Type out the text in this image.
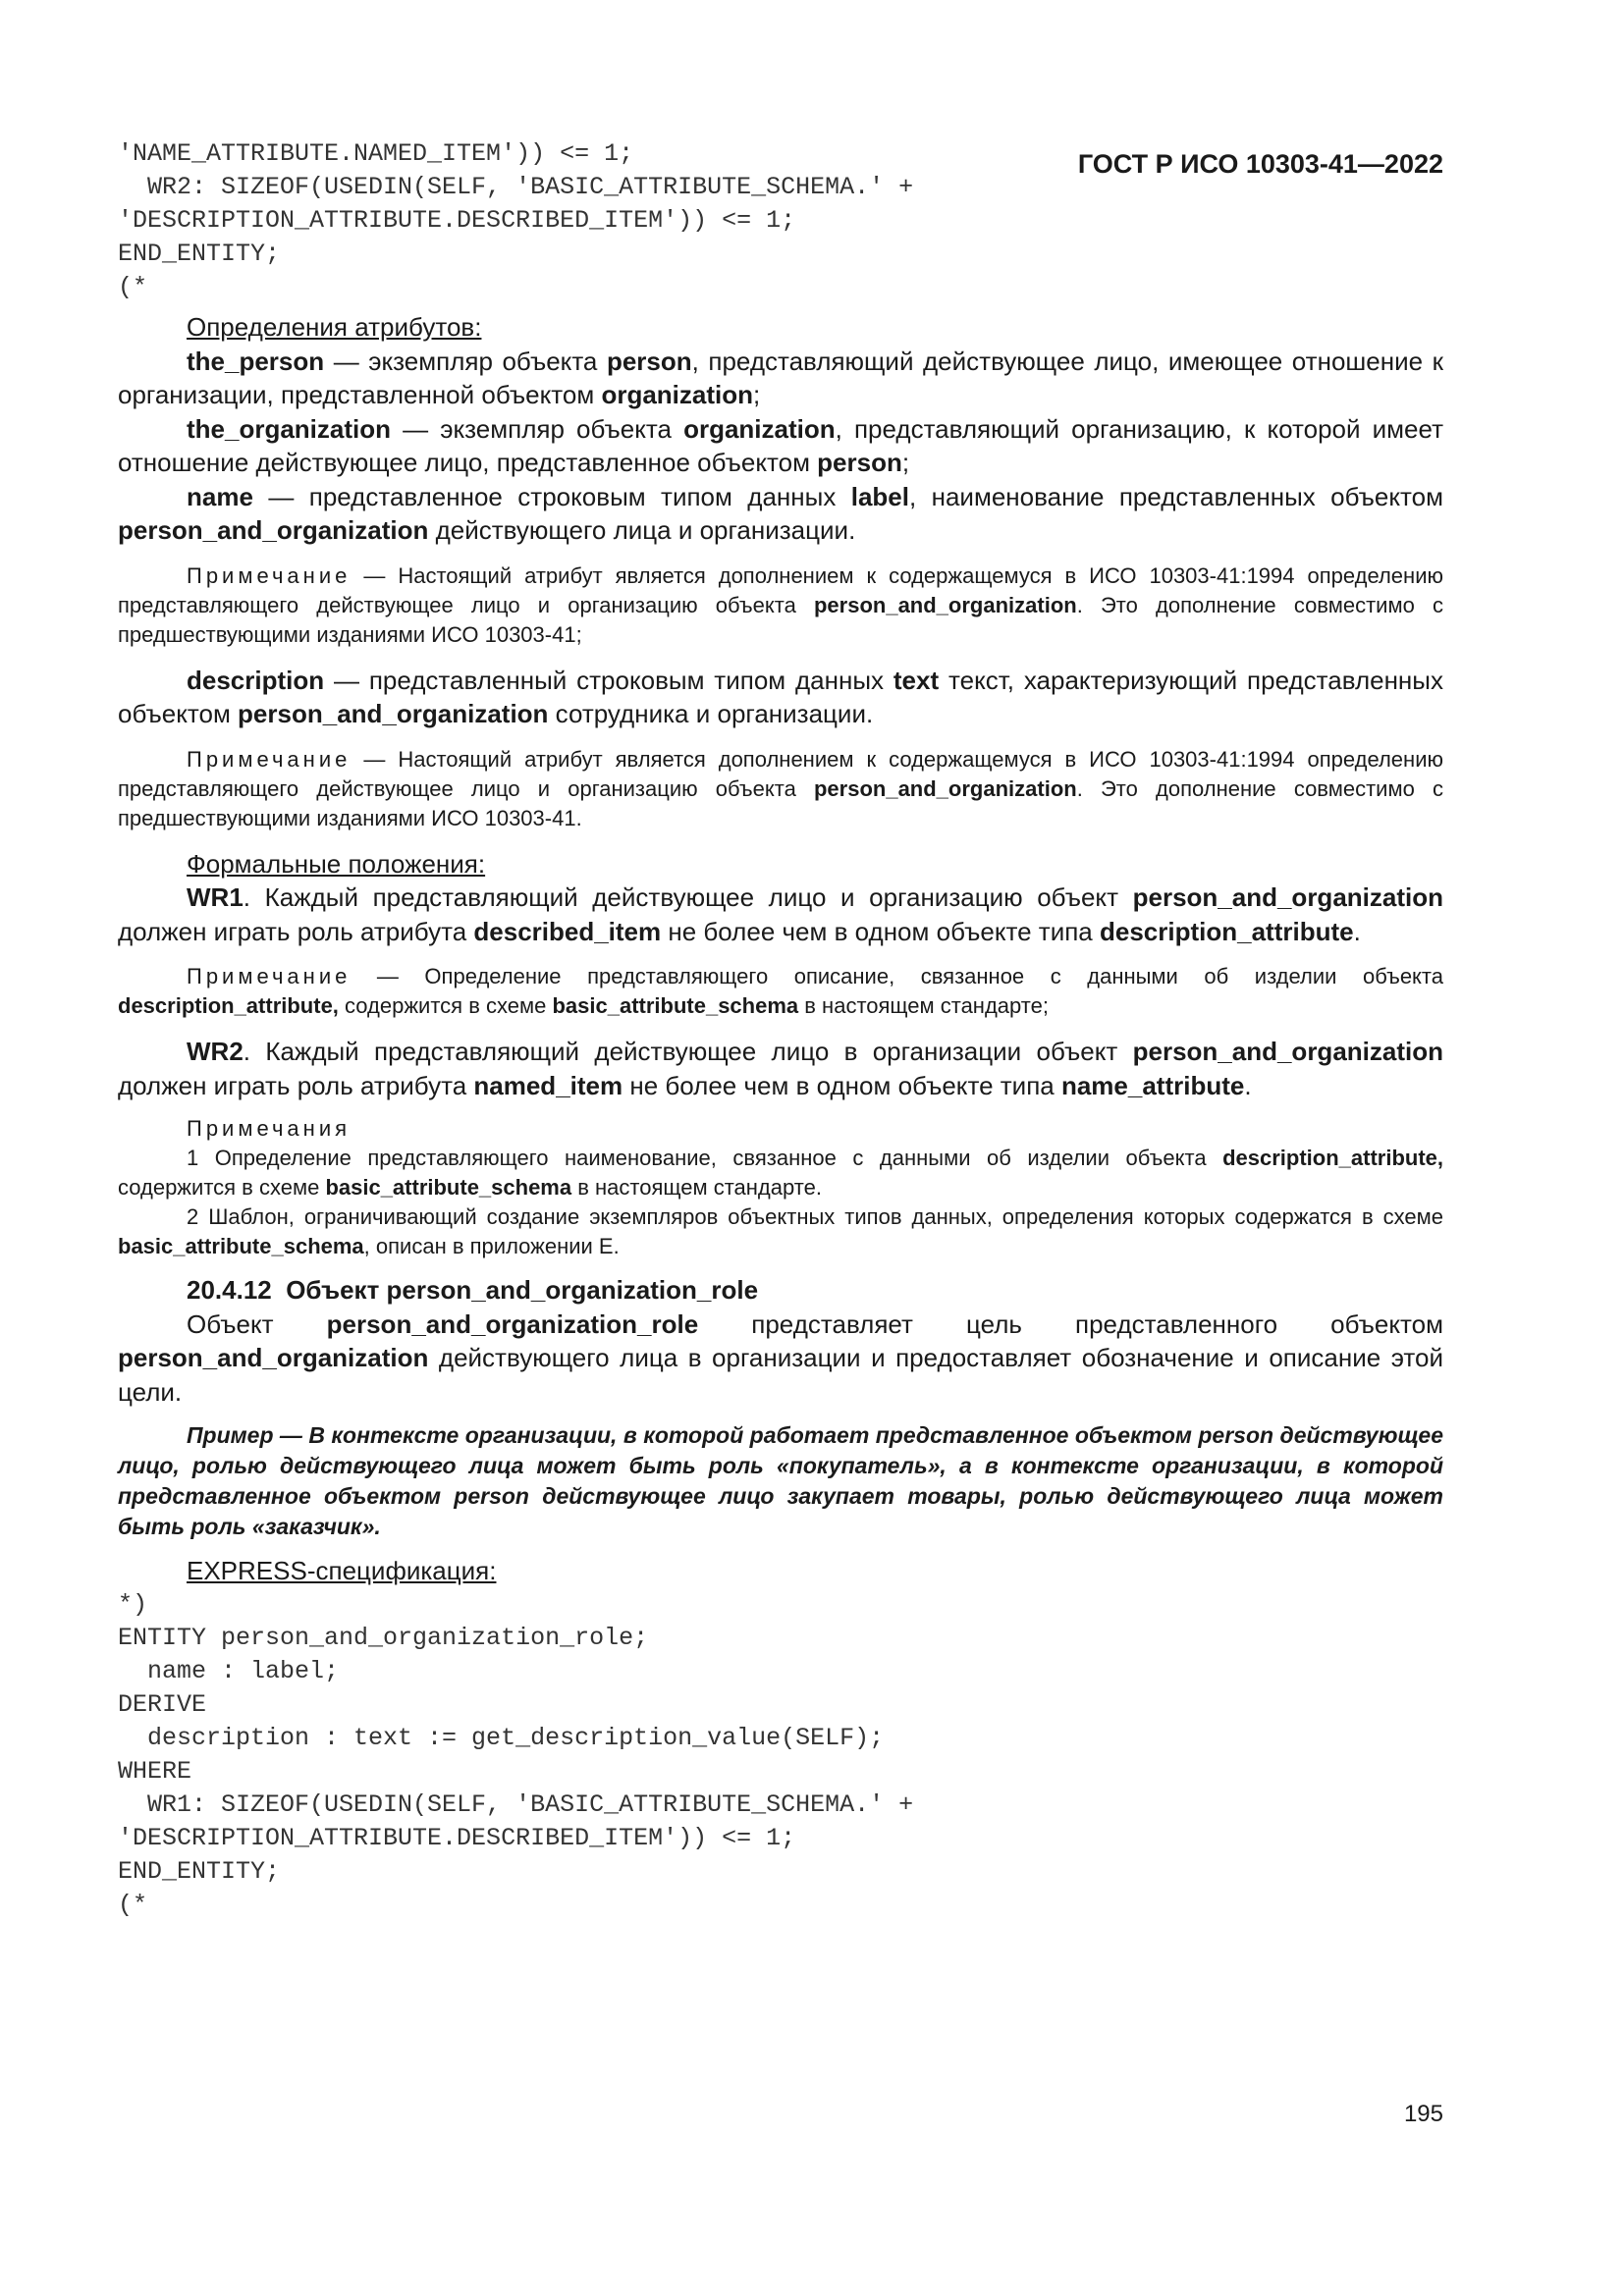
ГОСТ Р ИСО 10303-41—2022
'NAME_ATTRIBUTE.NAMED_ITEM')) <= 1;
WR2: SIZEOF(USEDIN(SELF, 'BASIC_ATTRIBUTE_SCHEMA.' +
'DESCRIPTION_ATTRIBUTE.DESCRIBED_ITEM')) <= 1;
END_ENTITY;
(*

Определения атрибутов:

the_person — экземпляр объекта person, представляющий действующее лицо, имеющее отношение к организации, представленной объектом organization;

the_organization — экземпляр объекта organization, представляющий организацию, к которой имеет отношение действующее лицо, представленное объектом person;

name — представленное строковым типом данных label, наименование представленных объектом person_and_organization действующего лица и организации.

Примечание — Настоящий атрибут является дополнением к содержащемуся в ИСО 10303-41:1994 определению представляющего действующее лицо и организацию объекта person_and_organization. Это дополнение совместимо с предшествующими изданиями ИСО 10303-41;

description — представленный строковым типом данных text текст, характеризующий представленных объектом person_and_organization сотрудника и организации.

Примечание — Настоящий атрибут является дополнением к содержащемуся в ИСО 10303-41:1994 определению представляющего действующее лицо и организацию объекта person_and_organization. Это дополнение совместимо с предшествующими изданиями ИСО 10303-41.

Формальные положения:

WR1. Каждый представляющий действующее лицо и организацию объект person_and_organization должен играть роль атрибута described_item не более чем в одном объекте типа description_attribute.

Примечание — Определение представляющего описание, связанное с данными об изделии объекта description_attribute, содержится в схеме basic_attribute_schema в настоящем стандарте;

WR2. Каждый представляющий действующее лицо в организации объект person_and_organization должен играть роль атрибута named_item не более чем в одном объекте типа name_attribute.

Примечания

1 Определение представляющего наименование, связанное с данными об изделии объекта description_attribute, содержится в схеме basic_attribute_schema в настоящем стандарте.

2 Шаблон, ограничивающий создание экземпляров объектных типов данных, определения которых содержатся в схеме basic_attribute_schema, описан в приложении E.

20.4.12 Объект person_and_organization_role

Объект person_and_organization_role представляет цель представленного объектом person_and_organization действующего лица в организации и предоставляет обозначение и описание этой цели.

Пример — В контексте организации, в которой работает представленное объектом person действующее лицо, ролью действующего лица может быть роль «покупатель», а в контексте организации, в которой представленное объектом person действующее лицо закупает товары, ролью действующего лица может быть роль «заказчик».

EXPRESS-спецификация:

*)
ENTITY person_and_organization_role;
name : label;
DERIVE
description : text := get_description_value(SELF);
WHERE
WR1: SIZEOF(USEDIN(SELF, 'BASIC_ATTRIBUTE_SCHEMA.' +
'DESCRIPTION_ATTRIBUTE.DESCRIBED_ITEM')) <= 1;
END_ENTITY;
(*
195
